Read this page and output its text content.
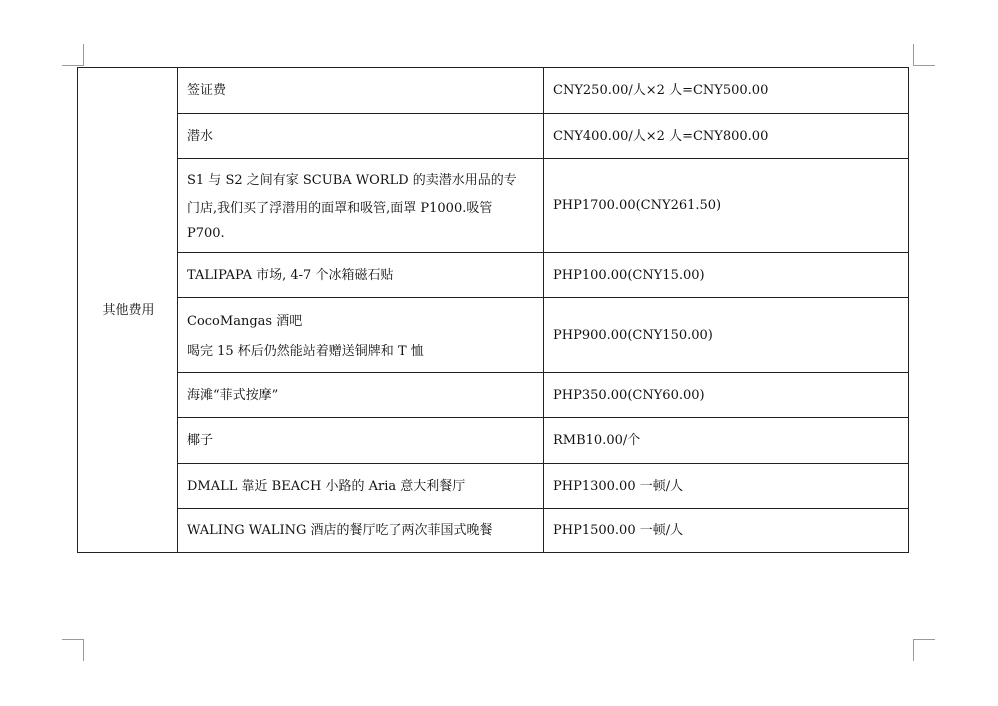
其他费用	签证费	CNY250.00/人×2 人=CNY500.00
	潜水	CNY400.00/人×2 人=CNY800.00

	S1 与 S2 之间有家 SCUBA WORLD 的卖潜水用品的专
门店,我们买了浮潜用的面罩和吸管,面罩 P1000.吸管
P700.	PHP1700.00(CNY261.50)
	TALIPAPA 市场, 4-7 个冰箱磁石贴	PHP100.00(CNY15.00)

	CocoMangas 酒吧
喝完 15 杯后仍然能站着赠送铜牌和 T 恤	PHP900.00(CNY150.00)
	海滩“菲式按摩”	PHP350.00(CNY60.00)
	椰子	RMB10.00/个
	DMALL 靠近 BEACH 小路的 Aria 意大利餐厅	PHP1300.00 一顿/人
	WALING WALING 酒店的餐厅吃了两次菲国式晚餐	PHP1500.00 一顿/人
